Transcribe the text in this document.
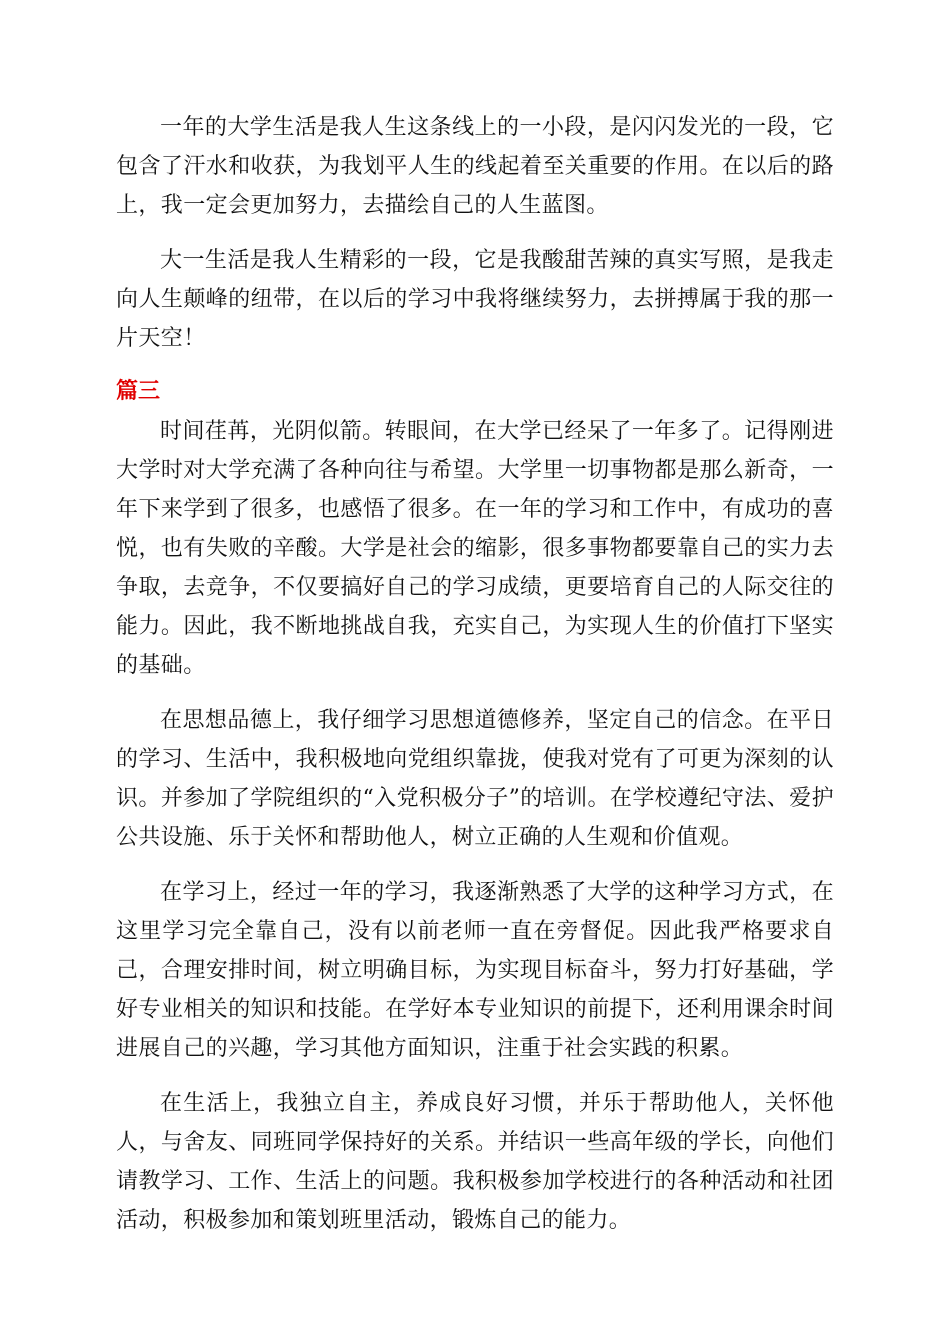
一年的大学生活是我人生这条线上的一小段，是闪闪发光的一段，它包含了汗水和收获，为我划平人生的线起着至关重要的作用。在以后的路上，我一定会更加努力，去描绘自己的人生蓝图。

大一生活是我人生精彩的一段，它是我酸甜苦辣的真实写照，是我走向人生颠峰的纽带，在以后的学习中我将继续努力，去拼搏属于我的那一片天空！

篇三

时间荏苒，光阴似箭。转眼间，在大学已经呆了一年多了。记得刚进大学时对大学充满了各种向往与希望。大学里一切事物都是那么新奇，一年下来学到了很多，也感悟了很多。在一年的学习和工作中，有成功的喜悦，也有失败的辛酸。大学是社会的缩影，很多事物都要靠自己的实力去争取，去竞争，不仅要搞好自己的学习成绩，更要培育自己的人际交往的能力。因此，我不断地挑战自我，充实自己，为实现人生的价值打下坚实的基础。

在思想品德上，我仔细学习思想道德修养，坚定自己的信念。在平日的学习、生活中，我积极地向党组织靠拢，使我对党有了可更为深刻的认识。并参加了学院组织的“入党积极分子”的培训。在学校遵纪守法、爱护公共设施、乐于关怀和帮助他人，树立正确的人生观和价值观。

在学习上，经过一年的学习，我逐渐熟悉了大学的这种学习方式，在这里学习完全靠自己，没有以前老师一直在旁督促。因此我严格要求自己，合理安排时间，树立明确目标，为实现目标奋斗，努力打好基础，学好专业相关的知识和技能。在学好本专业知识的前提下，还利用课余时间进展自己的兴趣，学习其他方面知识，注重于社会实践的积累。

在生活上，我独立自主，养成良好习惯，并乐于帮助他人，关怀他人，与舍友、同班同学保持好的关系。并结识一些高年级的学长，向他们请教学习、工作、生活上的问题。我积极参加学校进行的各种活动和社团活动，积极参加和策划班里活动，锻炼自己的能力。
